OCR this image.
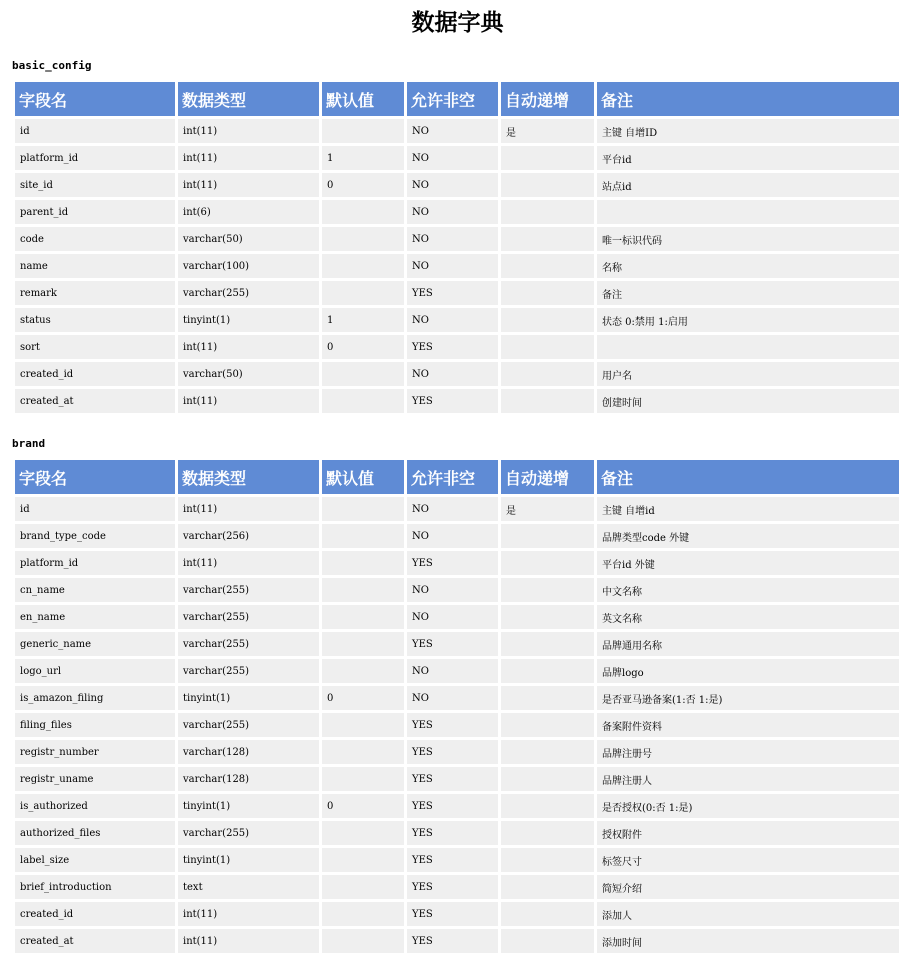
数据字典
basic_config
字段名	数据类型	默认值	允许非空	自动递增	备注
id	int(11)		NO	是	主键 自增ID
platform_id	int(11)	1	NO		平台id
site_id	int(11)	0	NO		站点id
parent_id	int(6)		NO		
code	varchar(50)		NO		唯一标识代码
name	varchar(100)		NO		名称
remark	varchar(255)		YES		备注
status	tinyint(1)	1	NO		状态 0:禁用 1:启用
sort	int(11)	0	YES		
created_id	varchar(50)		NO		用户名
created_at	int(11)		YES		创建时间
brand
字段名	数据类型	默认值	允许非空	自动递增	备注
id	int(11)		NO	是	主键 自增id
brand_type_code	varchar(256)		NO		品牌类型code 外键
platform_id	int(11)		YES		平台id 外键
cn_name	varchar(255)		NO		中文名称
en_name	varchar(255)		NO		英文名称
generic_name	varchar(255)		YES		品牌通用名称
logo_url	varchar(255)		NO		品牌logo
is_amazon_filing	tinyint(1)	0	NO		是否亚马逊备案(1:否 1:是)
filing_files	varchar(255)		YES		备案附件资料
registr_number	varchar(128)		YES		品牌注册号
registr_uname	varchar(128)		YES		品牌注册人
is_authorized	tinyint(1)	0	YES		是否授权(0:否 1:是)
authorized_files	varchar(255)		YES		授权附件
label_size	tinyint(1)		YES		标签尺寸
brief_introduction	text		YES		简短介绍
created_id	int(11)		YES		添加人
created_at	int(11)		YES		添加时间
